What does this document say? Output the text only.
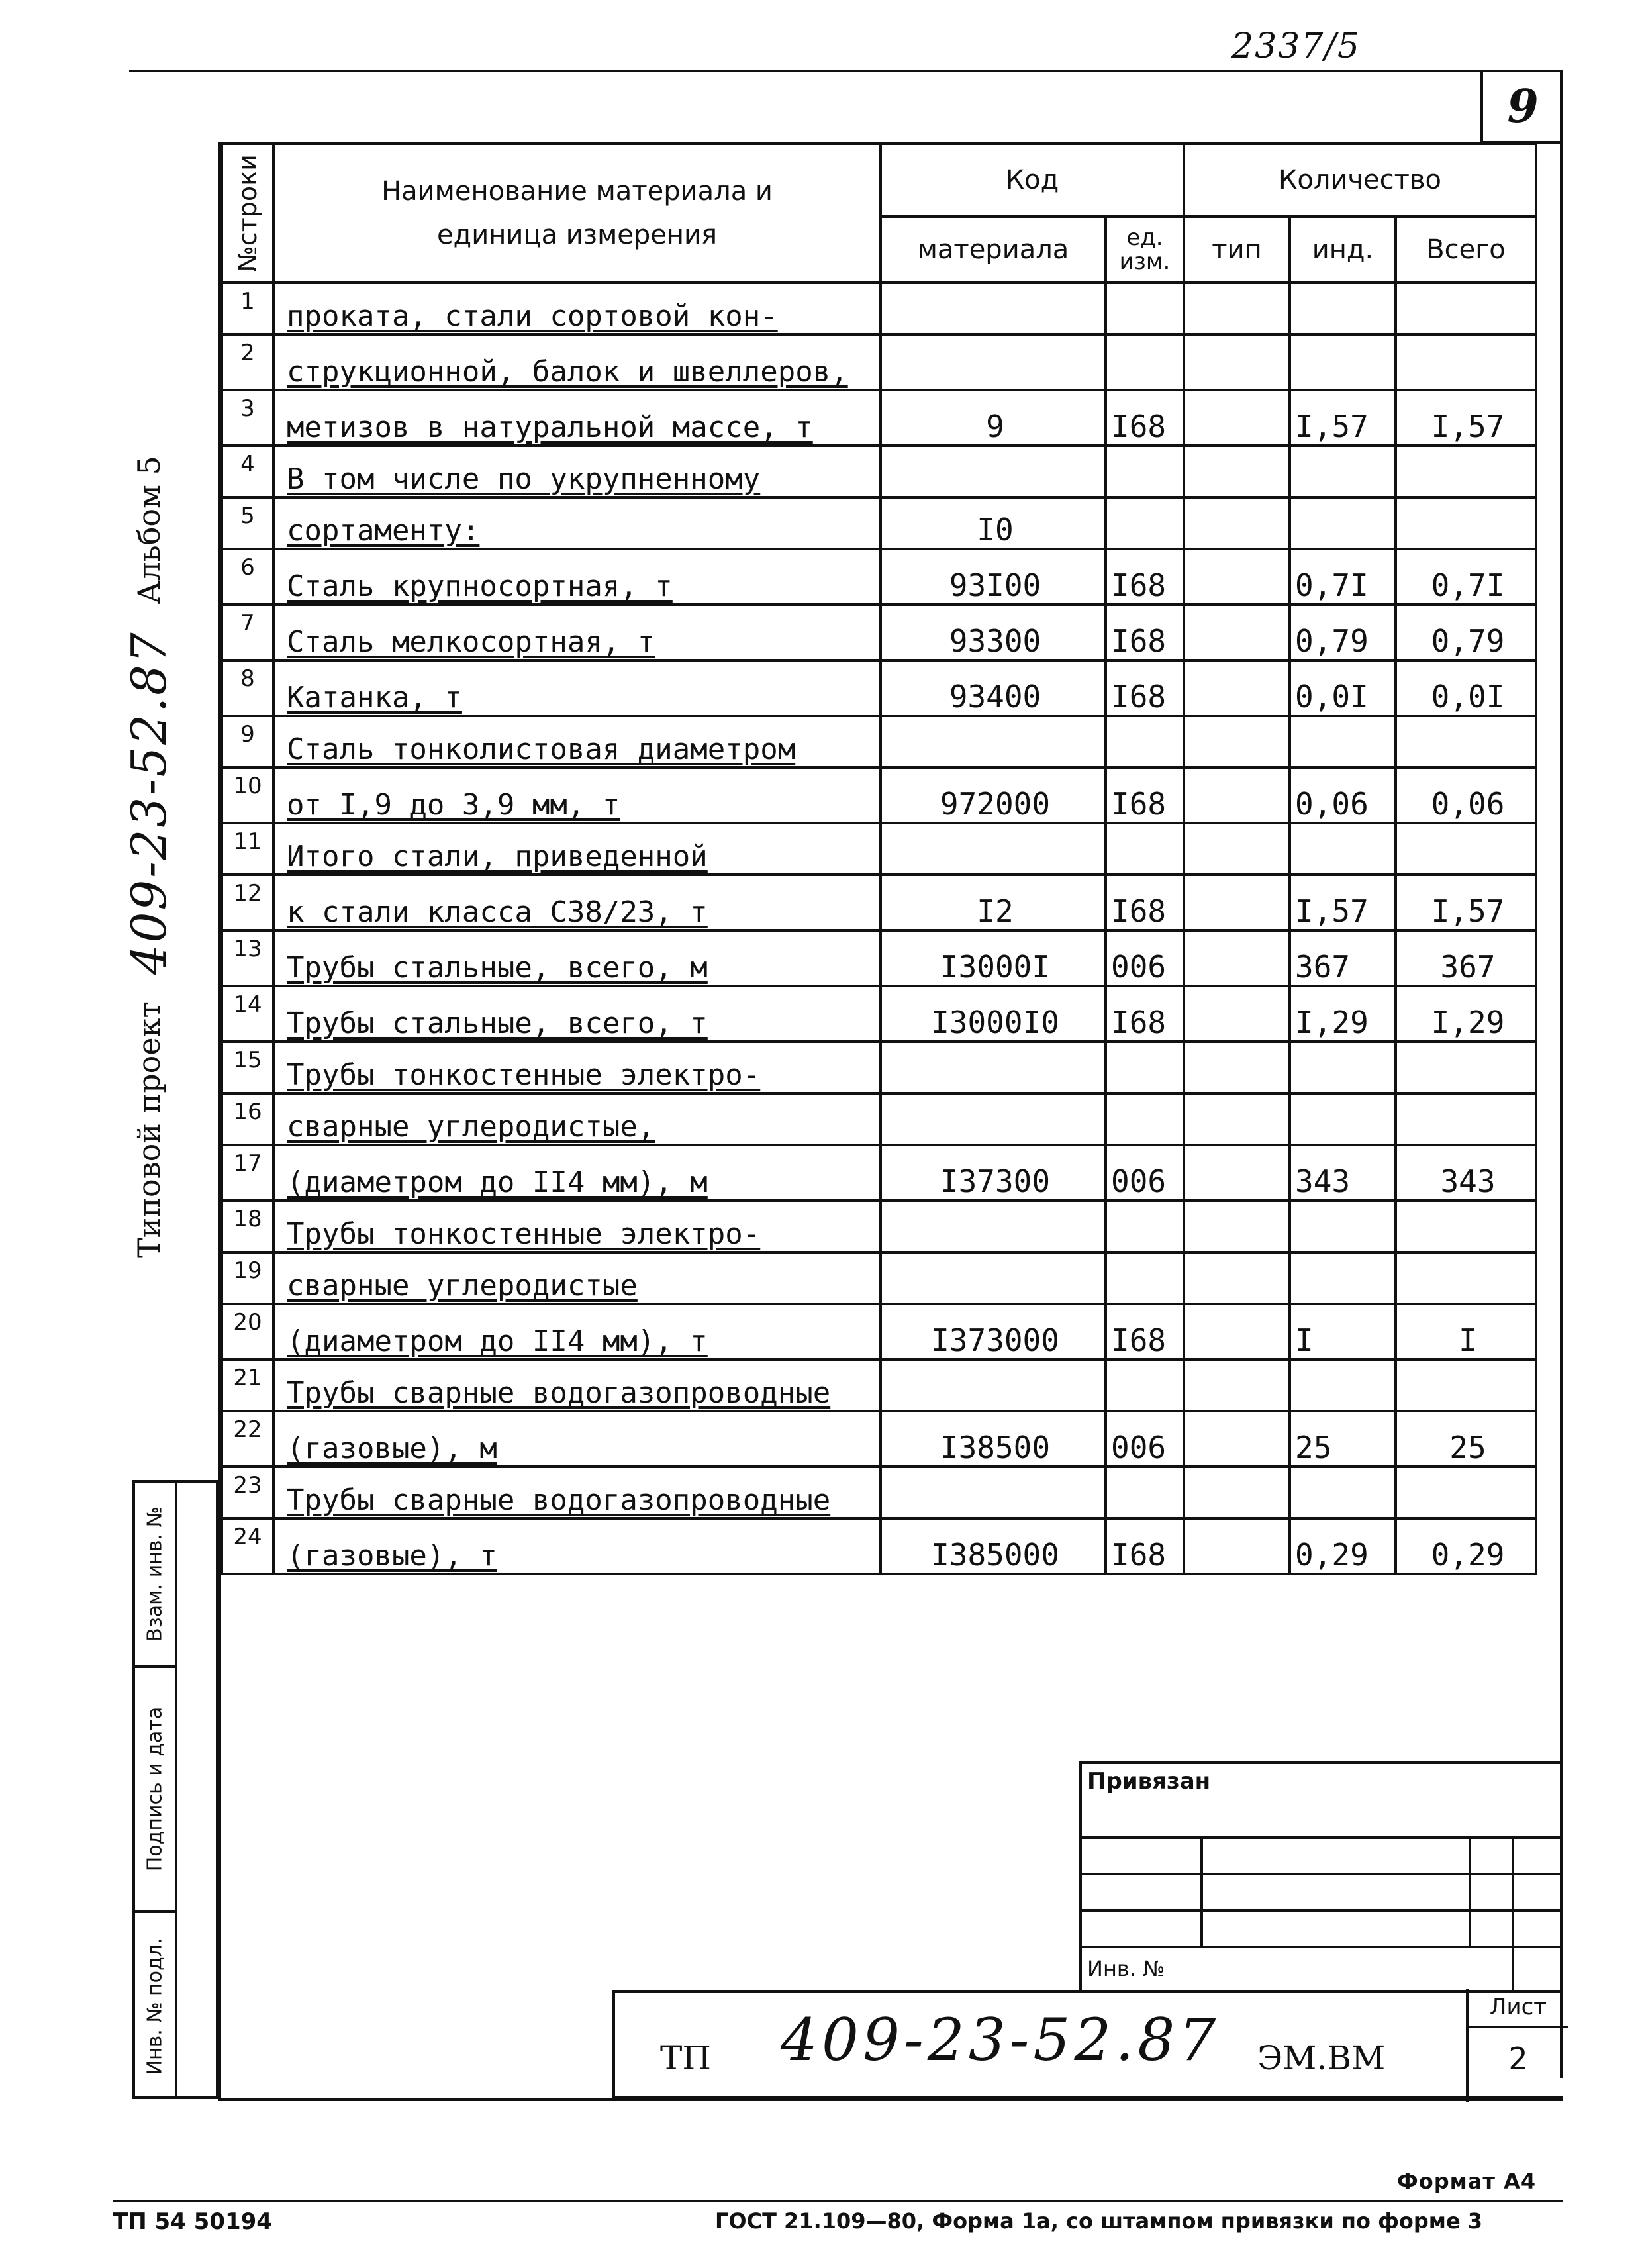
2337/5
9
Типовой проект
409-23-52.87
Альбом 5
№строки	Наименование материала и единица измерения	Код		Количество		
		материала	ед. изм.	тип	инд.	Всего
1	проката, стали сортовой кон-					
2	струкционной, балок и швеллеров,					
3	метизов в натуральной массе, т	9	I68		I,57	I,57
4	В том числе по укрупненному					
5	сортаменту:	I0				
6	Сталь крупносортная, т	93I00	I68		0,7I	0,7I
7	Сталь мелкосортная, т	93300	I68		0,79	0,79
8	Катанка, т	93400	I68		0,0I	0,0I
9	Сталь тонколистовая диаметром					
10	от I,9 до 3,9 мм, т	972000	I68		0,06	0,06
11	Итого стали, приведенной					
12	к стали класса С38/23, т	I2	I68		I,57	I,57
13	Трубы стальные, всего, м	I3000I	006		367	367
14	Трубы стальные, всего, т	I3000I0	I68		I,29	I,29
15	Трубы тонкостенные электро-					
16	сварные углеродистые,					
17	(диаметром до II4 мм), м	I37300	006		343	343
18	Трубы тонкостенные электро-					
19	сварные углеродистые					
20	(диаметром до II4 мм), т	I373000	I68		I	I
21	Трубы сварные водогазопроводные					
22	(газовые), м	I38500	006		25	25
23	Трубы сварные водогазопроводные					
24	(газовые), т	I385000	I68		0,29	0,29
Взам. инв. №
Подпись и дата
Инв. № подл.
Привязан
Инв. №
ТП 409-23-52.87 ЭМ.ВМ
Лист
2
Формат А4
ТП 54 50194	ГОСТ 21.109—80, Форма 1а, со штампом привязки по форме 3
